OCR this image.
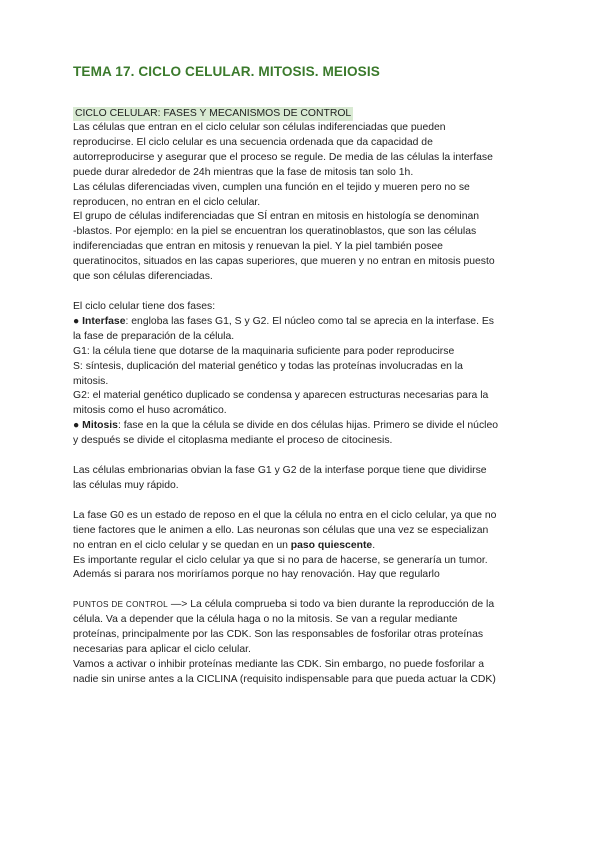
TEMA 17. CICLO CELULAR. MITOSIS. MEIOSIS
CICLO CELULAR: FASES Y MECANISMOS DE CONTROL

Las células que entran en el ciclo celular son células indiferenciadas que pueden

reproducirse. El ciclo celular es una secuencia ordenada que da capacidad de

autorreproducirse y asegurar que el proceso se regule. De media de las células la interfase

puede durar alrededor de 24h mientras que la fase de mitosis tan solo 1h.

Las células diferenciadas viven, cumplen una función en el tejido y mueren pero no se

reproducen, no entran en el ciclo celular.

El grupo de células indiferenciadas que SÍ entran en mitosis en histología se denominan

-blastos. Por ejemplo: en la piel se encuentran los queratinoblastos, que son las células

indiferenciadas que entran en mitosis y renuevan la piel. Y la piel también posee

queratinocitos, situados en las capas superiores, que mueren y no entran en mitosis puesto

que son células diferenciadas.

El ciclo celular tiene dos fases:

● Interfase: engloba las fases G1, S y G2. El núcleo como tal se aprecia en la interfase. Es

la fase de preparación de la célula.

G1: la célula tiene que dotarse de la maquinaria suficiente para poder reproducirse

S: síntesis, duplicación del material genético y todas las proteínas involucradas en la

mitosis.

G2: el material genético duplicado se condensa y aparecen estructuras necesarias para la

mitosis como el huso acromático.

● Mitosis: fase en la que la célula se divide en dos células hijas. Primero se divide el núcleo

y después se divide el citoplasma mediante el proceso de citocinesis.

Las células embrionarias obvian la fase G1 y G2 de la interfase porque tiene que dividirse

las células muy rápido.

La fase G0 es un estado de reposo en el que la célula no entra en el ciclo celular, ya que no

tiene factores que le animen a ello. Las neuronas son células que una vez se especializan

no entran en el ciclo celular y se quedan en un paso quiescente.

Es importante regular el ciclo celular ya que si no para de hacerse, se generaría un tumor.

Además si parara nos moriríamos porque no hay renovación. Hay que regularlo

PUNTOS DE CONTROL —> La célula comprueba si todo va bien durante la reproducción de la

célula. Va a depender que la célula haga o no la mitosis. Se van a regular mediante

proteínas, principalmente por las CDK. Son las responsables de fosforilar otras proteínas

necesarias para aplicar el ciclo celular.

Vamos a activar o inhibir proteínas mediante las CDK. Sin embargo, no puede fosforilar a

nadie sin unirse antes a la CICLINA (requisito indispensable para que pueda actuar la CDK)
